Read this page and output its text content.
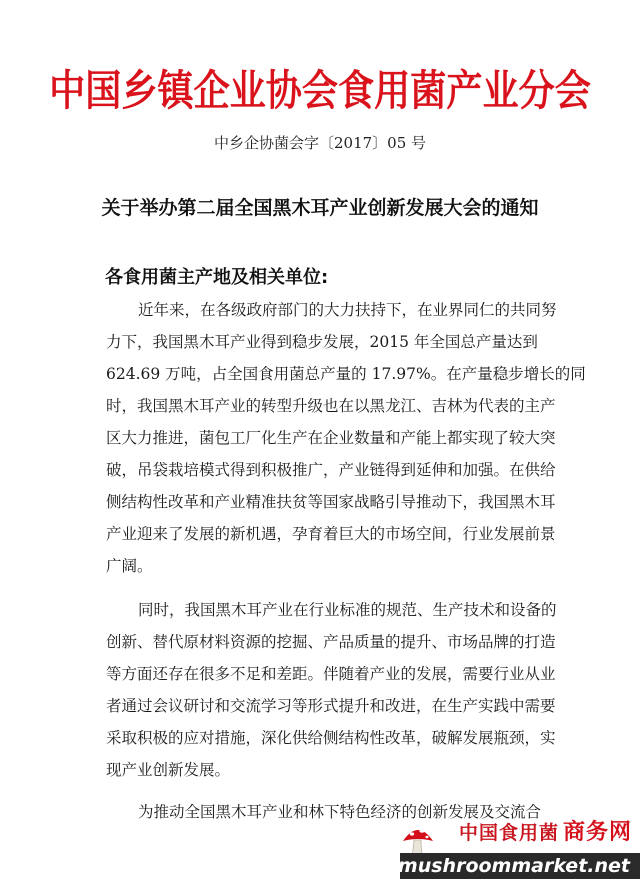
中国乡镇企业协会食用菌产业分会
中乡企协菌会字〔2017〕05 号
关于举办第二届全国黑木耳产业创新发展大会的通知
各食用菌主产地及相关单位:
近年来，在各级政府部门的大力扶持下，在业界同仁的共同努
力下，我国黑木耳产业得到稳步发展，2015 年全国总产量达到
624.69 万吨，占全国食用菌总产量的 17.97%。在产量稳步增长的同
时，我国黑木耳产业的转型升级也在以黑龙江、吉林为代表的主产
区大力推进，菌包工厂化生产在企业数量和产能上都实现了较大突
破，吊袋栽培模式得到积极推广，产业链得到延伸和加强。在供给
侧结构性改革和产业精准扶贫等国家战略引导推动下，我国黑木耳
产业迎来了发展的新机遇，孕育着巨大的市场空间，行业发展前景
广阔。
同时，我国黑木耳产业在行业标准的规范、生产技术和设备的
创新、替代原材料资源的挖掘、产品质量的提升、市场品牌的打造
等方面还存在很多不足和差距。伴随着产业的发展，需要行业从业
者通过会议研讨和交流学习等形式提升和改进，在生产实践中需要
采取积极的应对措施，深化供给侧结构性改革，破解发展瓶颈，实
现产业创新发展。
为推动全国黑木耳产业和林下特色经济的创新发展及交流合
中国食用菌 商务网
mushroommarket.net
